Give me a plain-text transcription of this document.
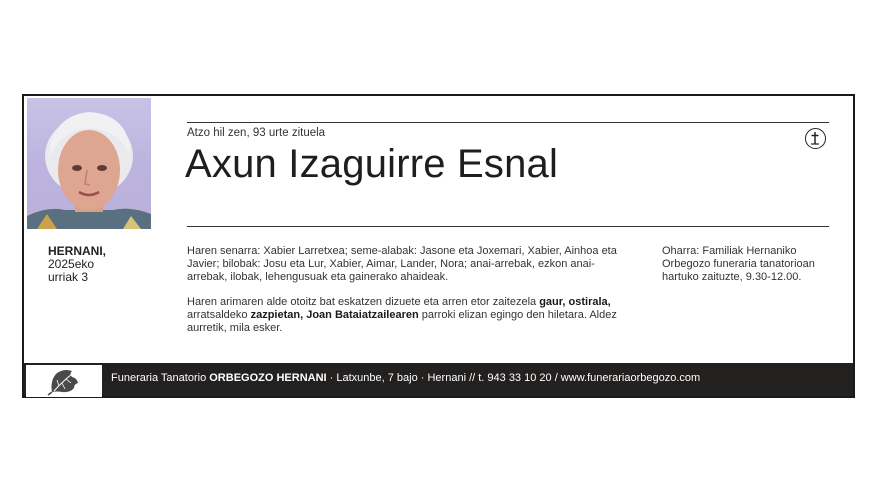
HERNANI,
2025eko
urriak 3
Atzo hil zen, 93 urte zituela
Axun Izaguirre Esnal
Haren senarra: Xabier Larretxea; seme-alabak: Jasone eta Joxemari, Xabier, Ainhoa eta Javier; bilobak: Josu eta Lur, Xabier, Aimar, Lander, Nora; anai-arrebak, ezkon anai-arrebak, ilobak, lehengusuak eta gainerako ahaideak.
Haren arimaren alde otoitz bat eskatzen dizuete eta arren etor zaitezela gaur, ostirala, arratsaldeko zazpietan, Joan Bataiatzailearen parroki elizan egingo den hiletara. Aldez aurretik, mila esker.
Oharra: Familiak Hernaniko Orbegozo funeraria tanatorioan hartuko zaituzte, 9.30-12.00.
Funeraria Tanatorio ORBEGOZO HERNANI · Latxunbe, 7 bajo · Hernani // t. 943 33 10 20 / www.funerariaorbegozo.com
